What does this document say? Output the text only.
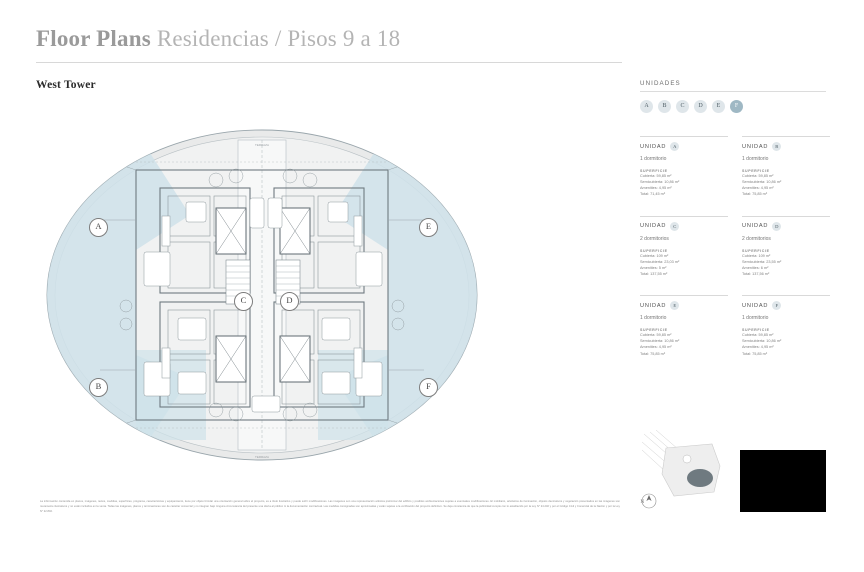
Floor Plans Residencias / Pisos 9 a 18
West Tower
TERRAZA
TERRAZA
A
B
C	D
E
F
La información contenida en planos, imágenes, textos, medidas, superficies, programa, características y equipamiento, tiene por objeto brindar una orientación general sobre el proyecto, es a título ilustrativo y puede sufrir modificaciones. Las imágenes son una representación artística preliminar del edificio y posibles ambientaciones sujetas a eventuales modificaciones. El mobiliario, artefactos de iluminación, objetos decorativos y vegetación presentados en las imágenes son meramente ilustrativos y no están incluidos en la venta. Todas las imágenes, planos y terminaciones son de carácter comercial y no integran bajo ninguna circunstancia del presente una oferta al público ni la documentación contractual. Las medidas consignadas son aproximadas y están sujetas a la verificación del proyecto definitivo. Se deja constancia de que la publicidad cumple con lo establecido por la Ley N° 24.240 y por el Código Civil y Comercial de la Nación y por la Ley N° 22.802.
UNIDADES
A	B	C	D	E	F
UNIDAD	A
1 dormitorio
SUPERFICIE
Cubierta: 59,85 m²
Semicubierta: 10,86 m²
Amenities: 4,95 m²
Total: 71,45 m²
UNIDAD	B
1 dormitorio
SUPERFICIE
Cubierta: 59,85 m²
Semicubierta: 10,86 m²
Amenities: 4,95 m²
Total: 75,85 m²
UNIDAD	C
2 dormitorios
SUPERFICIE
Cubierta: 109 m²
Semicubierta: 23,03 m²
Amenities: 5 m²
Total: 137,55 m²
UNIDAD	D
2 dormitorios
SUPERFICIE
Cubierta: 109 m²
Semicubierta: 23,55 m²
Amenities: 6 m²
Total: 137,56 m²
UNIDAD	E
1 dormitorio
SUPERFICIE
Cubierta: 59,85 m²
Semicubierta: 10,86 m²
Amenities: 4,95 m²
Total: 75,85 m²
UNIDAD	F
1 dormitorio
SUPERFICIE
Cubierta: 59,85 m²
Semicubierta: 10,86 m²
Amenities: 4,95 m²
Total: 75,85 m²
N
